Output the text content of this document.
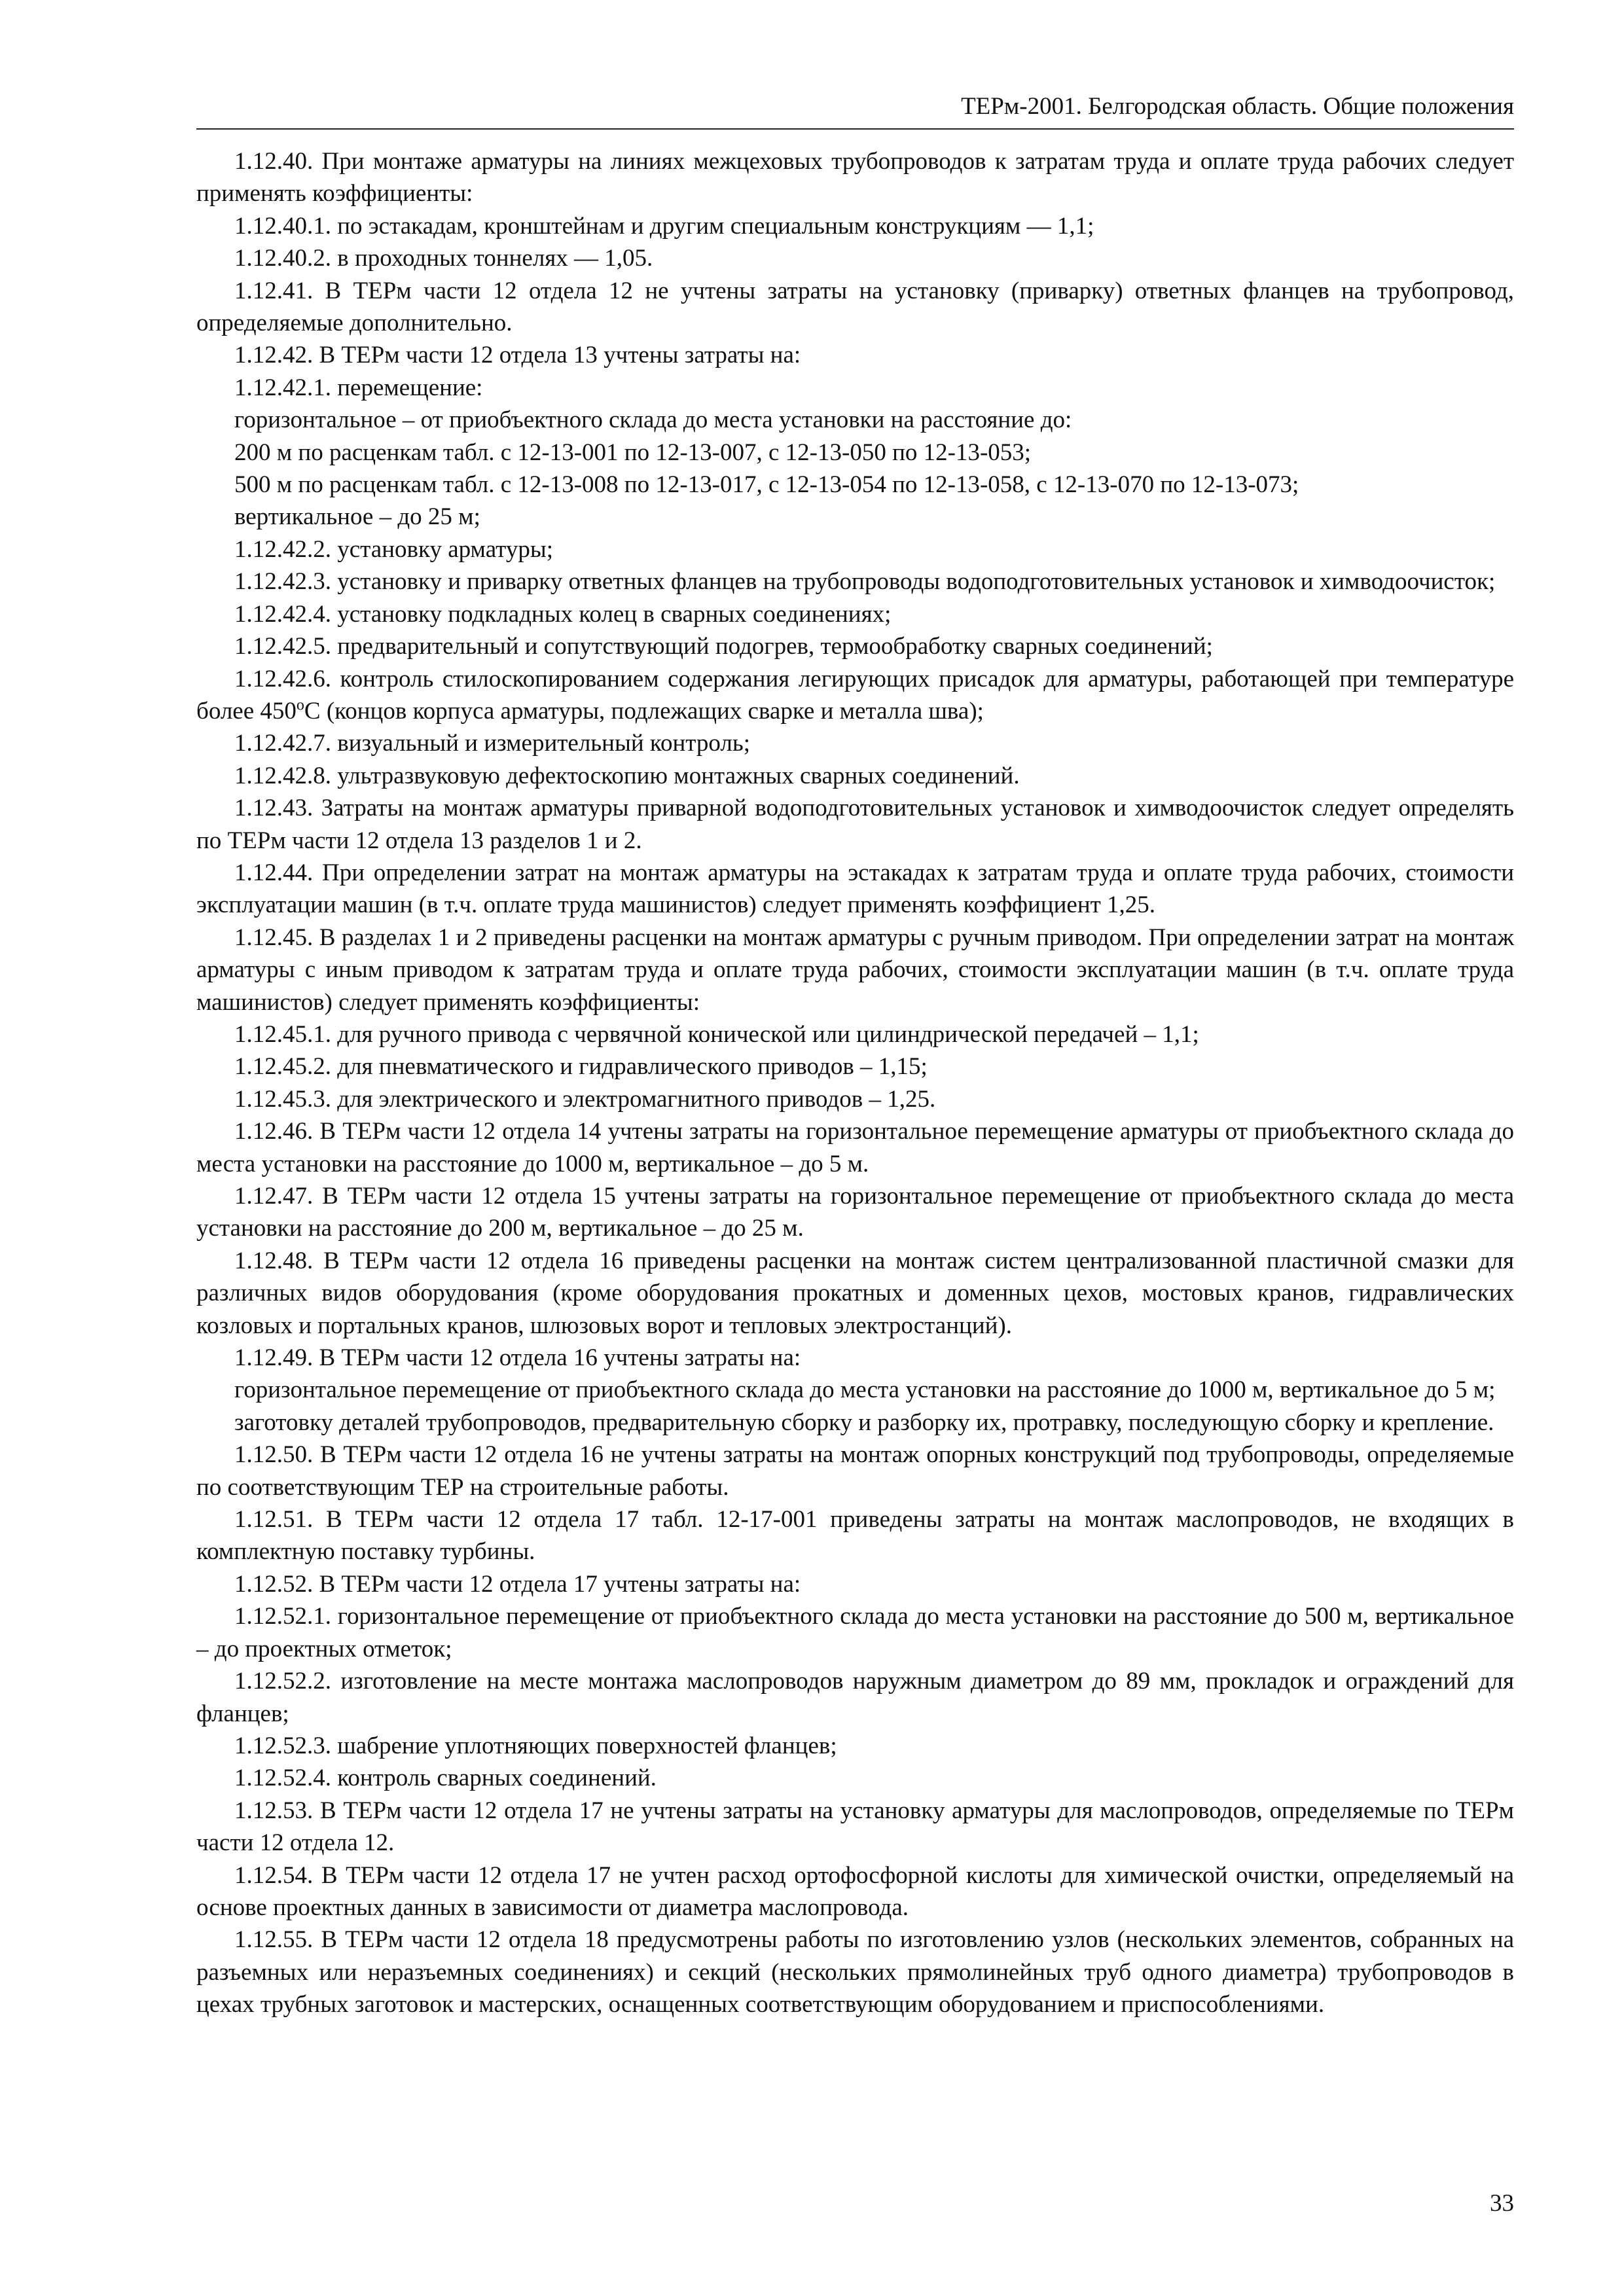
ТЕРм-2001. Белгородская область. Общие положения

1.12.40. При монтаже арматуры на линиях межцеховых трубопроводов к затратам труда и оплате труда рабочих следует применять коэффициенты:

1.12.40.1. по эстакадам, кронштейнам и другим специальным конструкциям — 1,1;

1.12.40.2. в проходных тоннелях — 1,05.

1.12.41. В ТЕРм части 12 отдела 12 не учтены затраты на установку (приварку) ответных фланцев на трубопровод, определяемые дополнительно.

1.12.42. В ТЕРм части 12 отдела 13 учтены затраты на:

1.12.42.1. перемещение:

горизонтальное – от приобъектного склада до места установки на расстояние до:

200 м по расценкам табл. с 12-13-001 по 12-13-007, с 12-13-050 по 12-13-053;

500 м по расценкам табл. с 12-13-008 по 12-13-017, с 12-13-054 по 12-13-058, с 12-13-070 по 12-13-073;

вертикальное – до 25 м;

1.12.42.2. установку арматуры;

1.12.42.3. установку и приварку ответных фланцев на трубопроводы водоподготовительных установок и химводоочисток;

1.12.42.4. установку подкладных колец в сварных соединениях;

1.12.42.5. предварительный и сопутствующий подогрев, термообработку сварных соединений;

1.12.42.6. контроль стилоскопированием содержания легирующих присадок для арматуры, работающей при температуре более $450^оС$ (концов корпуса арматуры, подлежащих сварке и металла шва);

1.12.42.7. визуальный и измерительный контроль;

1.12.42.8. ультразвуковую дефектоскопию монтажных сварных соединений.

1.12.43. Затраты на монтаж арматуры приварной водоподготовительных установок и химводоочисток следует определять по ТЕРм части 12 отдела 13 разделов 1 и 2.

1.12.44. При определении затрат на монтаж арматуры на эстакадах к затратам труда и оплате труда рабочих, стоимости эксплуатации машин (в т.ч. оплате труда машинистов) следует применять коэффициент 1,25.

1.12.45. В разделах 1 и 2 приведены расценки на монтаж арматуры с ручным приводом. При определении затрат на монтаж арматуры с иным приводом к затратам труда и оплате труда рабочих, стоимости эксплуатации машин (в т.ч. оплате труда машинистов) следует применять коэффициенты:

1.12.45.1. для ручного привода с червячной конической или цилиндрической передачей – 1,1;

1.12.45.2. для пневматического и гидравлического приводов – 1,15;

1.12.45.3. для электрического и электромагнитного приводов – 1,25.

1.12.46. В ТЕРм части 12 отдела 14 учтены затраты на горизонтальное перемещение арматуры от приобъектного склада до места установки на расстояние до 1000 м, вертикальное – до 5 м.

1.12.47. В ТЕРм части 12 отдела 15 учтены затраты на горизонтальное перемещение от приобъектного склада до места установки на расстояние до 200 м, вертикальное – до 25 м.

1.12.48. В ТЕРм части 12 отдела 16 приведены расценки на монтаж систем централизованной пластичной смазки для различных видов оборудования (кроме оборудования прокатных и доменных цехов, мостовых кранов, гидравлических козловых и портальных кранов, шлюзовых ворот и тепловых электростанций).

1.12.49. В ТЕРм части 12 отдела 16 учтены затраты на:

горизонтальное перемещение от приобъектного склада до места установки на расстояние до 1000 м, вертикальное до 5 м;

заготовку деталей трубопроводов, предварительную сборку и разборку их, протравку, последующую сборку и крепление.

1.12.50. В ТЕРм части 12 отдела 16 не учтены затраты на монтаж опорных конструкций под трубопроводы, определяемые по соответствующим ТЕР на строительные работы.

1.12.51. В ТЕРм части 12 отдела 17 табл. 12-17-001 приведены затраты на монтаж маслопроводов, не входящих в комплектную поставку турбины.

1.12.52. В ТЕРм части 12 отдела 17 учтены затраты на:

1.12.52.1. горизонтальное перемещение от приобъектного склада до места установки на расстояние до 500 м, вертикальное – до проектных отметок;

1.12.52.2. изготовление на месте монтажа маслопроводов наружным диаметром до 89 мм, прокладок и ограждений для фланцев;

1.12.52.3. шабрение уплотняющих поверхностей фланцев;

1.12.52.4. контроль сварных соединений.

1.12.53. В ТЕРм части 12 отдела 17 не учтены затраты на установку арматуры для маслопроводов, определяемые по ТЕРм части 12 отдела 12.

1.12.54. В ТЕРм части 12 отдела 17 не учтен расход ортофосфорной кислоты для химической очистки, определяемый на основе проектных данных в зависимости от диаметра маслопровода.

1.12.55. В ТЕРм части 12 отдела 18 предусмотрены работы по изготовлению узлов (нескольких элементов, собранных на разъемных или неразъемных соединениях) и секций (нескольких прямолинейных труб одного диаметра) трубопроводов в цехах трубных заготовок и мастерских, оснащенных соответствующим оборудованием и приспособлениями.

33
